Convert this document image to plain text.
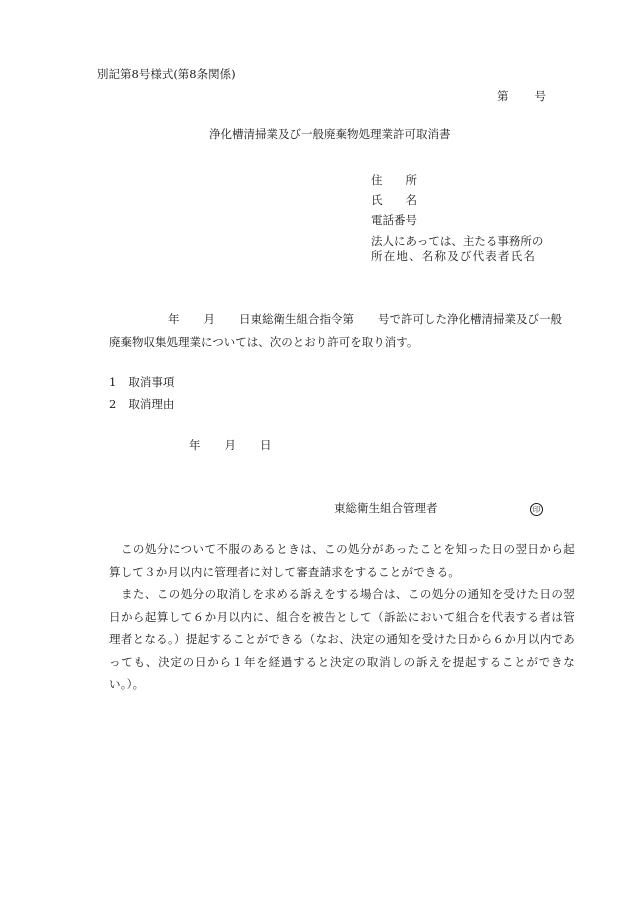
別記第8号様式(第8条関係)
第 号
浄化槽清掃業及び一般廃棄物処理業許可取消書
住　　所
氏　　名
電話番号
法人にあっては、主たる事務所の
所在地、名称及び代表者氏名
年 月 日東総衛生組合指令第 号で許可した浄化槽清掃業及び一般
廃棄物収集処理業については、次のとおり許可を取り消す。
1 取消事項
2 取消理由
年 月 日
東総衛生組合管理者	印
　この処分について不服のあるときは、この処分があったことを知った日の翌日から起算して３か月以内に管理者に対して審査請求をすることができる。
　また、この処分の取消しを求める訴えをする場合は、この処分の通知を受けた日の翌日から起算して６か月以内に、組合を被告として（訴訟において組合を代表する者は管理者となる。）提起することができる（なお、決定の通知を受けた日から６か月以内であっても、決定の日から１年を経過すると決定の取消しの訴えを提起することができない。）。
